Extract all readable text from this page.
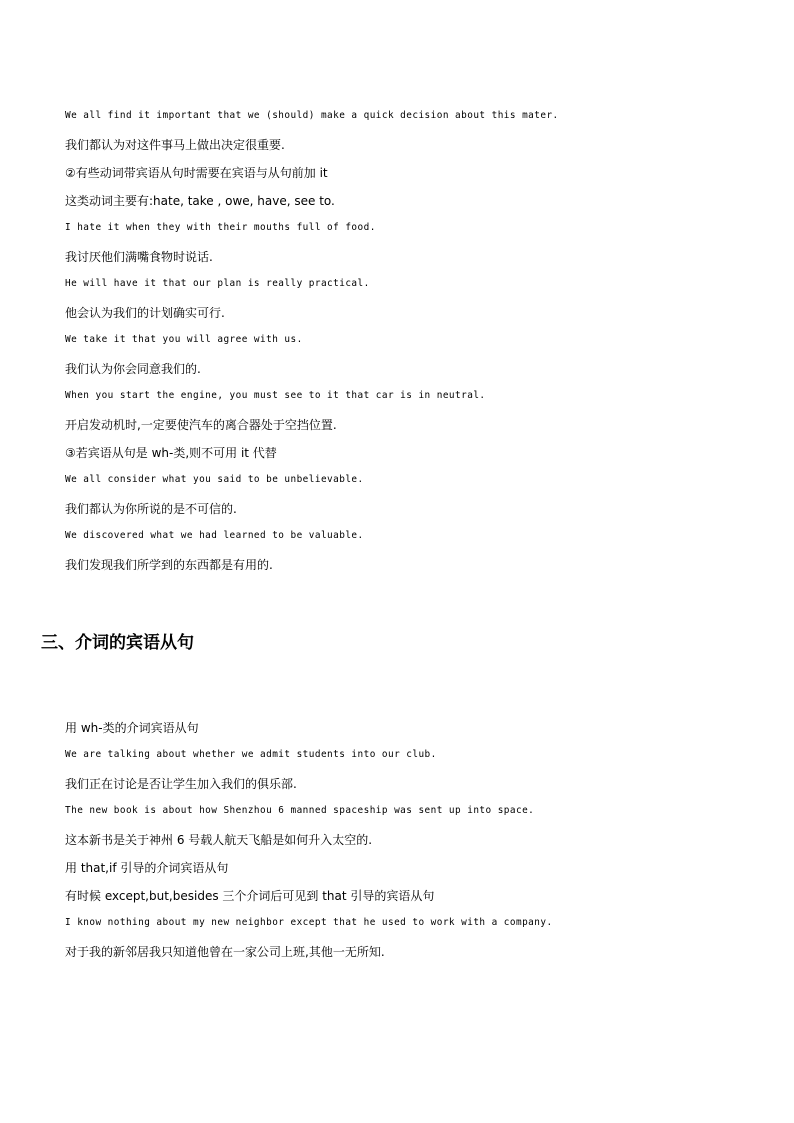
We all find it important that we (should) make a quick decision about this mater.
我们都认为对这件事马上做出决定很重要.
②有些动词带宾语从句时需要在宾语与从句前加 it
这类动词主要有:hate, take , owe, have, see to.
I hate it when they with their mouths full of food.
我讨厌他们满嘴食物时说话.
He will have it that our plan is really practical.
他会认为我们的计划确实可行.
We take it that you will agree with us.
我们认为你会同意我们的.
When you start the engine, you must see to it that car is in neutral.
开启发动机时,一定要使汽车的离合器处于空挡位置.
③若宾语从句是 wh-类,则不可用 it 代替
We all consider what you said to be unbelievable.
我们都认为你所说的是不可信的.
We discovered what we had learned to be valuable.
我们发现我们所学到的东西都是有用的.
三、介词的宾语从句
用 wh-类的介词宾语从句
We are talking about whether we admit students into our club.
我们正在讨论是否让学生加入我们的俱乐部.
The new book is about how Shenzhou 6 manned spaceship was sent up into space.
这本新书是关于神州 6 号载人航天飞船是如何升入太空的.
用 that,if 引导的介词宾语从句
有时候 except,but,besides 三个介词后可见到 that 引导的宾语从句
I know nothing about my new neighbor except that he used to work with a company.
对于我的新邻居我只知道他曾在一家公司上班,其他一无所知.
